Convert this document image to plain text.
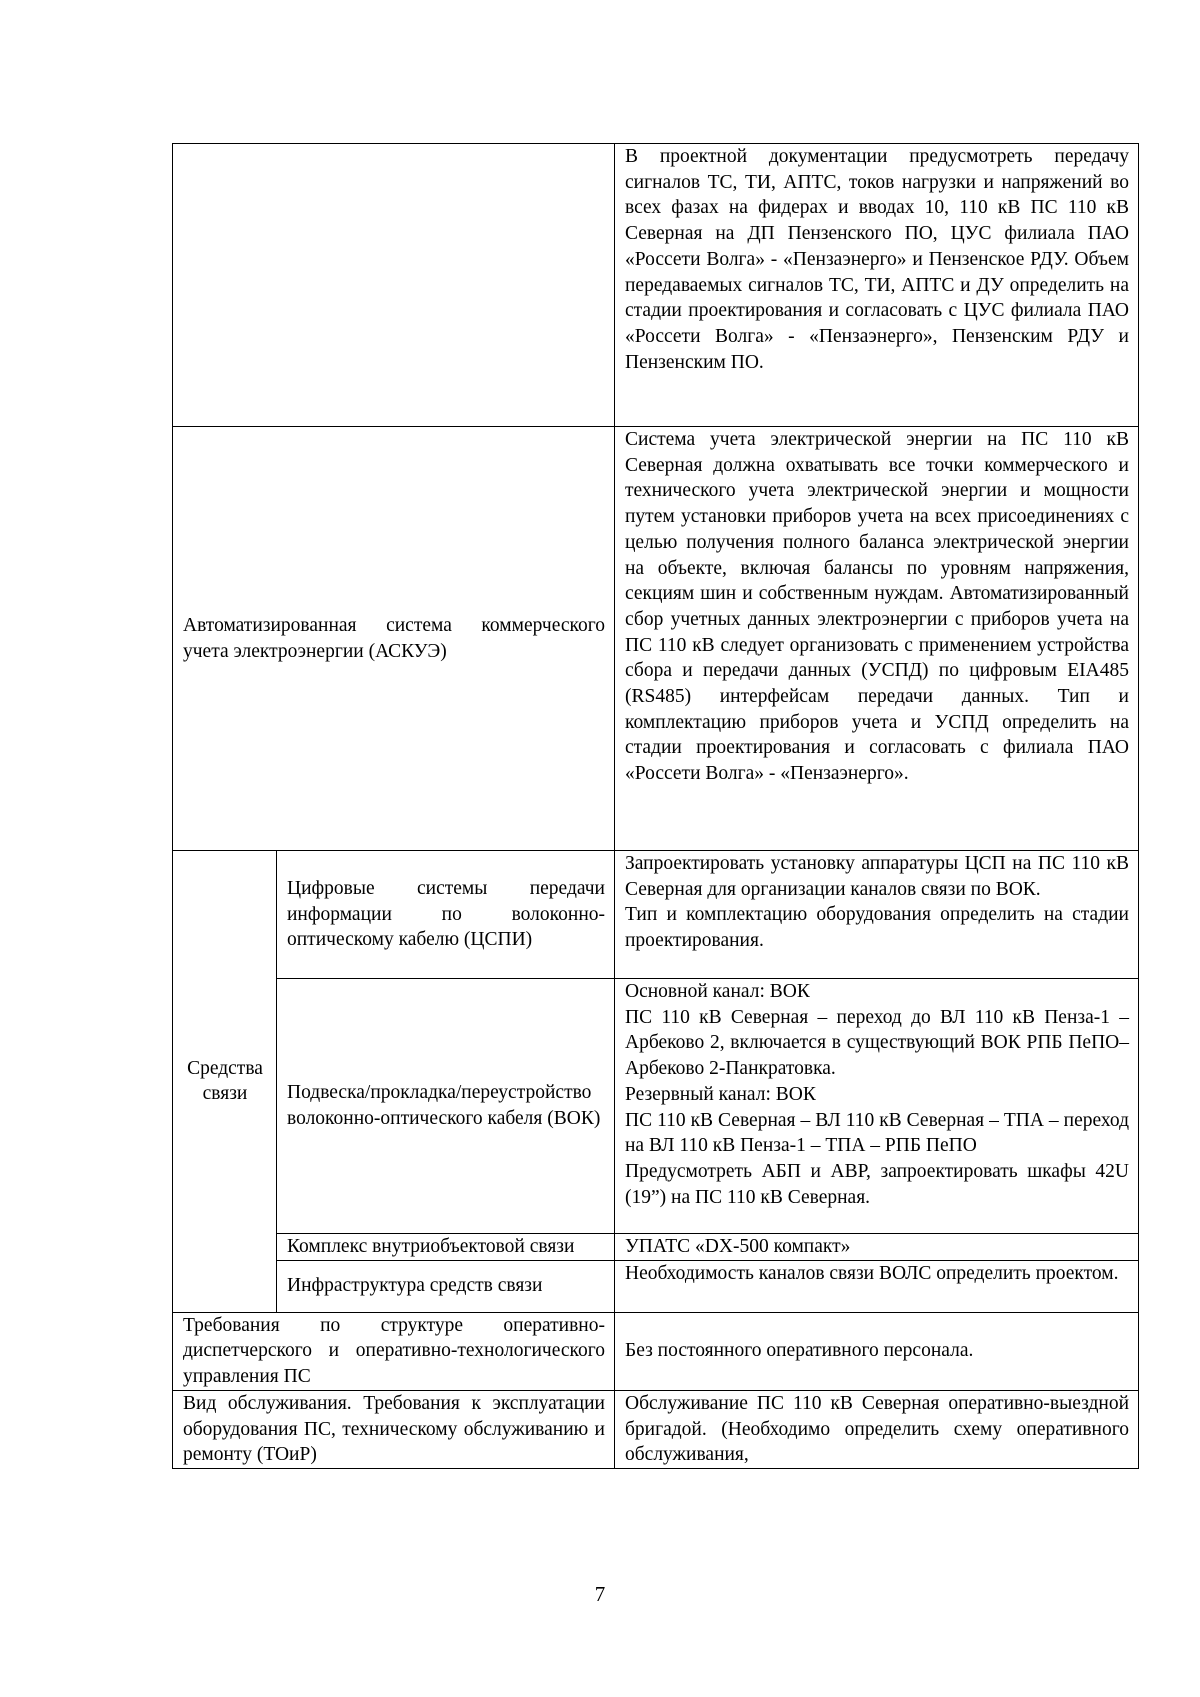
		В проектной документации предусмотреть передачу сигналов ТС, ТИ, АПТС, токов нагрузки и напряжений во всех фазах на фидерах и вводах 10, 110 кВ ПС 110 кВ Северная на ДП Пензенского ПО, ЦУС филиала ПАО «Россети Волга» - «Пензаэнерго» и Пензенское РДУ. Объем передаваемых сигналов ТС, ТИ, АПТС и ДУ определить на стадии проектирования и согласовать с ЦУС филиала ПАО «Россети Волга» - «Пензаэнерго», Пензенским РДУ и Пензенским ПО.
Автоматизированная система коммерческого учета электроэнергии (АСКУЭ)		Система учета электрической энергии на ПС 110 кВ Северная должна охватывать все точки коммерческого и технического учета электрической энергии и мощности путем установки приборов учета на всех присоединениях с целью получения полного баланса электрической энергии на объекте, включая балансы по уровням напряжения, секциям шин и собственным нуждам. Автоматизированный сбор учетных данных электроэнергии с приборов учета на ПС 110 кВ следует организовать с применением устройства сбора и передачи данных (УСПД) по цифровым EIA485 (RS485) интерфейсам передачи данных. Тип и комплектацию приборов учета и УСПД определить на стадии проектирования и согласовать с филиала ПАО «Россети Волга» - «Пензаэнерго».
Средства связи	Цифровые системы передачи информации по волоконно-оптическому кабелю (ЦСПИ)	Запроектировать установку аппаратуры ЦСП на ПС 110 кВ Северная для организации каналов связи по ВОК.
Тип и комплектацию оборудования определить на стадии проектирования.

	Подвеска/прокладка/переустройство волоконно-оптического кабеля (ВОК)	Основной канал: ВОК
ПС 110 кВ Северная – переход до ВЛ 110 кВ Пенза-1 – Арбеково 2, включается в существующий ВОК РПБ ПеПО–Арбеково 2-Панкратовка.
Резервный канал: ВОК
ПС 110 кВ Северная – ВЛ 110 кВ Северная – ТПА – переход на ВЛ 110 кВ Пенза-1 – ТПА – РПБ ПеПО
Предусмотреть АБП и АВР, запроектировать шкафы 42U (19”) на ПС 110 кВ Северная.

	Комплекс внутриобъектовой связи	УПАТС «DX-500 компакт»
	Инфраструктура средств связи	Необходимость каналов связи ВОЛС определить проектом.
Требования по структуре оперативно-диспетчерского и оперативно-технологического управления ПС		Без постоянного оперативного персонала.
Вид обслуживания. Требования к эксплуатации оборудования ПС, техническому обслуживанию и ремонту (ТОиР)		Обслуживание ПС 110 кВ Северная оперативно-выездной бригадой. (Необходимо определить схему оперативного обслуживания,
7
